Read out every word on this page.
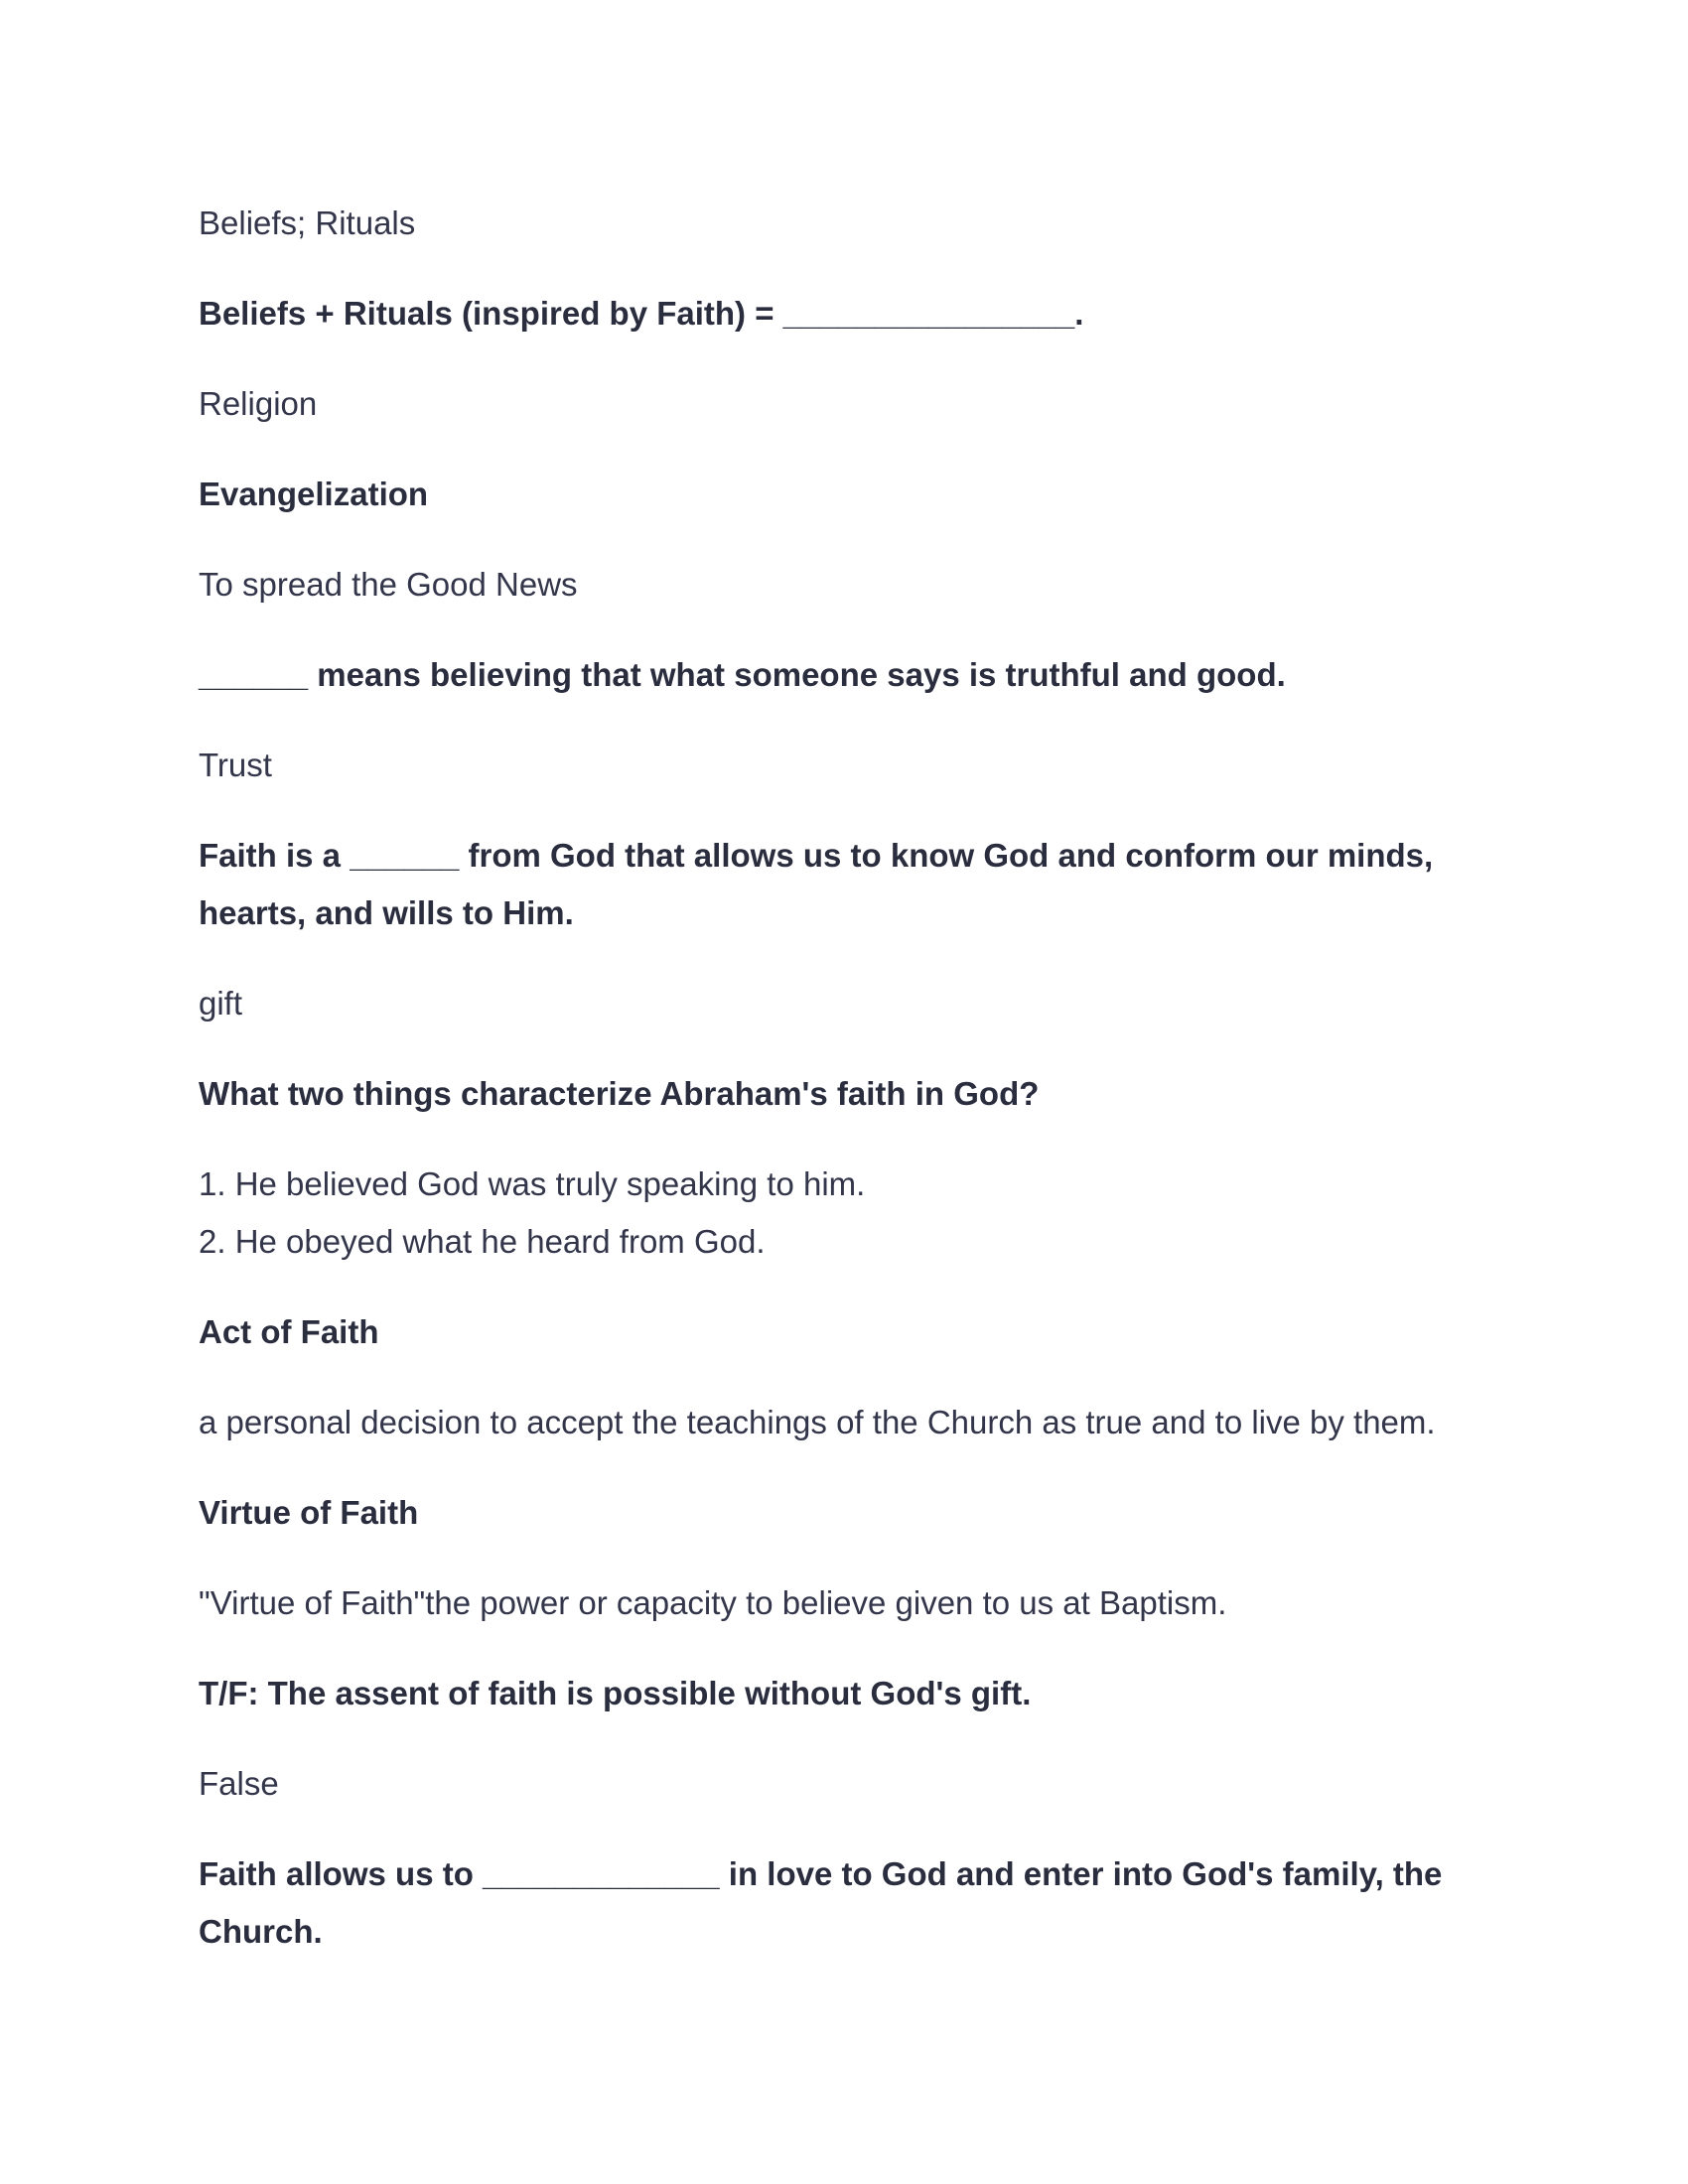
Beliefs; Rituals

Beliefs + Rituals (inspired by Faith) = ________________.

Religion

Evangelization

To spread the Good News

______ means believing that what someone says is truthful and good.

Trust

Faith is a ______ from God that allows us to know God and conform our minds,

hearts, and wills to Him.

gift

What two things characterize Abraham's faith in God?

1. He believed God was truly speaking to him.

2. He obeyed what he heard from God.

Act of Faith

a personal decision to accept the teachings of the Church as true and to live by them.

Virtue of Faith

"Virtue of Faith"the power or capacity to believe given to us at Baptism.

T/F: The assent of faith is possible without God's gift.

False

Faith allows us to _____________ in love to God and enter into God's family, the

Church.
